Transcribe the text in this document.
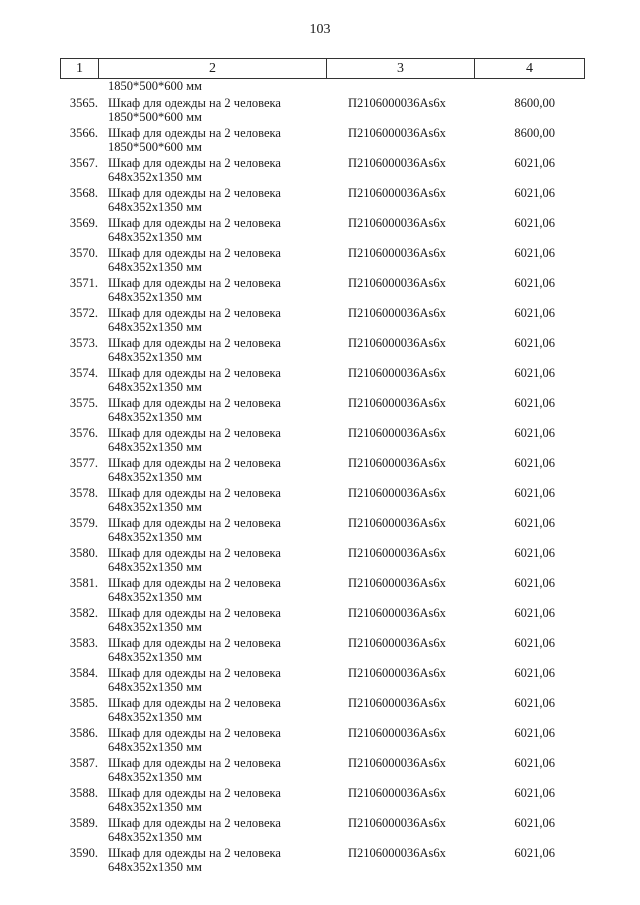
103
1	2	3	4
1850*500*600 мм
3565. Шкаф для одежды на 2 человека
1850*500*600 мм
П2106000036Аs6х	8600,00
3566. Шкаф для одежды на 2 человека
1850*500*600 мм
П2106000036Аs6х	8600,00
3567. Шкаф для одежды на 2 человека
648х352х1350 мм
П2106000036Аs6х	6021,06
3568. Шкаф для одежды на 2 человека
648х352х1350 мм
П2106000036Аs6х	6021,06
3569. Шкаф для одежды на 2 человека
648х352х1350 мм
П2106000036Аs6х	6021,06
3570. Шкаф для одежды на 2 человека
648х352х1350 мм
П2106000036Аs6х	6021,06
3571. Шкаф для одежды на 2 человека
648х352х1350 мм
П2106000036Аs6х	6021,06
3572. Шкаф для одежды на 2 человека
648х352х1350 мм
П2106000036Аs6х	6021,06
3573. Шкаф для одежды на 2 человека
648х352х1350 мм
П2106000036Аs6х	6021,06
3574. Шкаф для одежды на 2 человека
648х352х1350 мм
П2106000036Аs6х	6021,06
3575. Шкаф для одежды на 2 человека
648х352х1350 мм
П2106000036Аs6х	6021,06
3576. Шкаф для одежды на 2 человека
648х352х1350 мм
П2106000036Аs6х	6021,06
3577. Шкаф для одежды на 2 человека
648х352х1350 мм
П2106000036Аs6х	6021,06
3578. Шкаф для одежды на 2 человека
648х352х1350 мм
П2106000036Аs6х	6021,06
3579. Шкаф для одежды на 2 человека
648х352х1350 мм
П2106000036Аs6х	6021,06
3580. Шкаф для одежды на 2 человека
648х352х1350 мм
П2106000036Аs6х	6021,06
3581. Шкаф для одежды на 2 человека
648х352х1350 мм
П2106000036Аs6х	6021,06
3582. Шкаф для одежды на 2 человека
648х352х1350 мм
П2106000036Аs6х	6021,06
3583. Шкаф для одежды на 2 человека
648х352х1350 мм
П2106000036Аs6х	6021,06
3584. Шкаф для одежды на 2 человека
648х352х1350 мм
П2106000036Аs6х	6021,06
3585. Шкаф для одежды на 2 человека
648х352х1350 мм
П2106000036Аs6х	6021,06
3586. Шкаф для одежды на 2 человека
648х352х1350 мм
П2106000036Аs6х	6021,06
3587. Шкаф для одежды на 2 человека
648х352х1350 мм
П2106000036Аs6х	6021,06
3588. Шкаф для одежды на 2 человека
648х352х1350 мм
П2106000036Аs6х	6021,06
3589. Шкаф для одежды на 2 человека
648х352х1350 мм
П2106000036Аs6х	6021,06
3590. Шкаф для одежды на 2 человека
648х352х1350 мм
П2106000036Аs6х	6021,06
